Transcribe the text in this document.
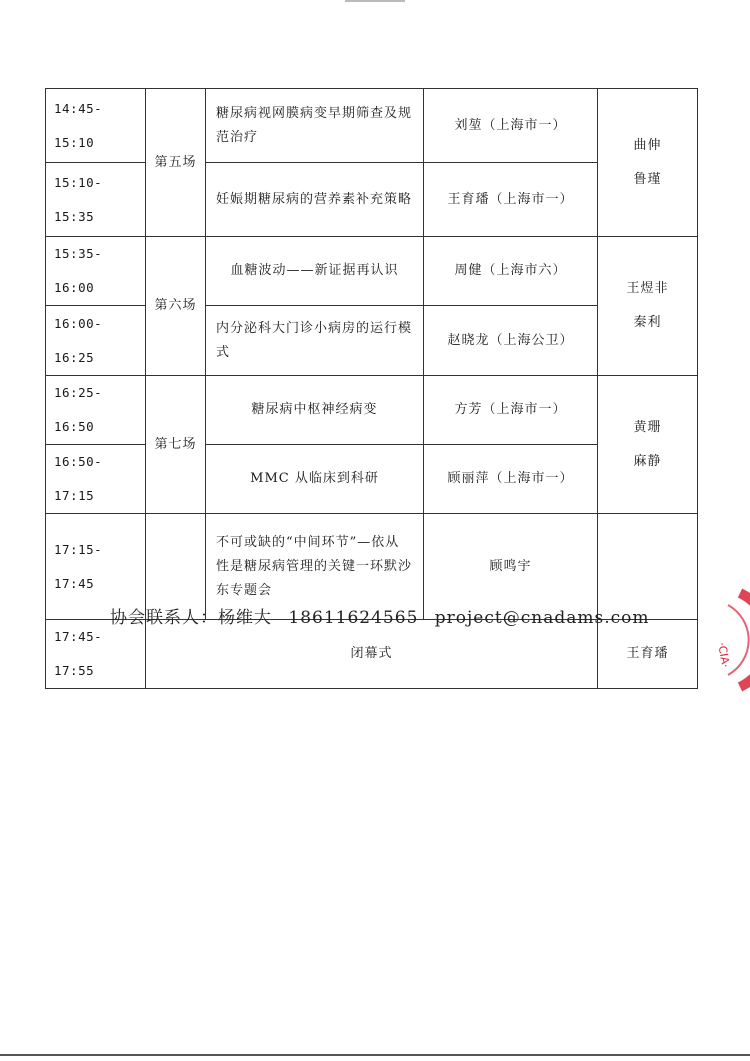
14:45-15:10	第五场	糖尿病视网膜病变早期筛查及规范治疗	刘堃（上海市一）	曲伸
鲁瑾

15:10-15:35		妊娠期糖尿病的营养素补充策略	王育璠（上海市一）	
15:35-16:00	第六场	血糖波动——新证据再认识	周健（上海市六）	王煜非
秦利

16:00-16:25		内分泌科大门诊小病房的运行模式	赵晓龙（上海公卫）	
16:25-16:50	第七场	糖尿病中枢神经病变	方芳（上海市一）	黄珊
麻静

16:50-17:15		MMC 从临床到科研	顾丽萍（上海市一）	
17:15-17:45		不可或缺的“中间环节”—依从性是糖尿病管理的关键一环默沙东专题会	顾鸣宇	
17:45-17:55	闭幕式			王育璠
协会联系人：杨维大 18611624565 project@cnadams.com
·CIA·
